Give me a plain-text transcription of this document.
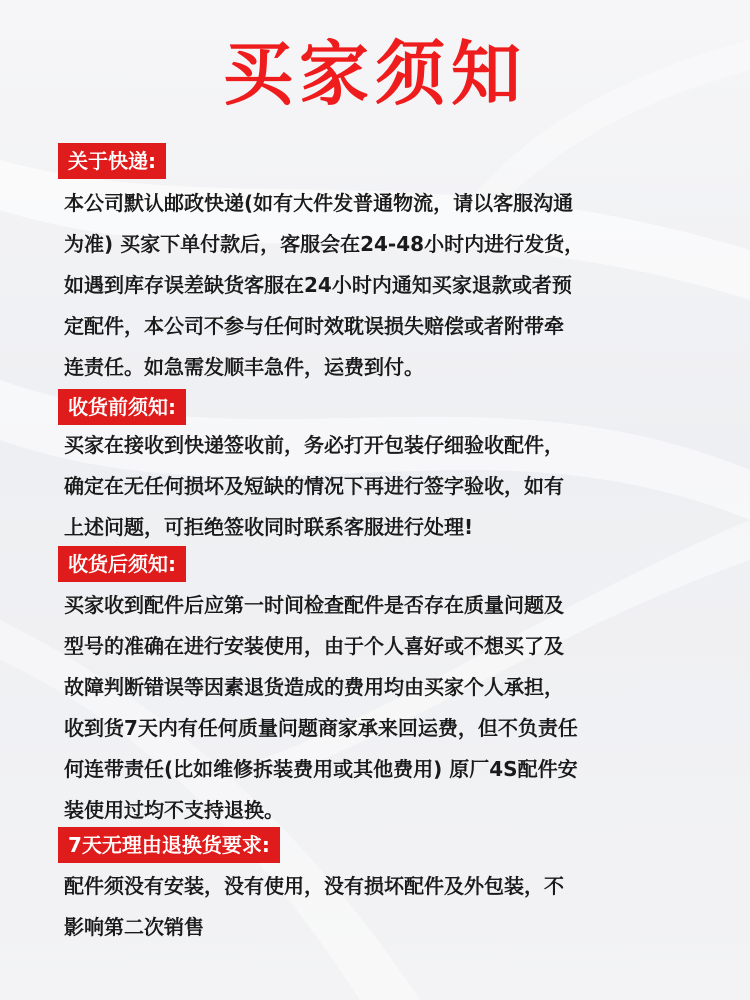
买家须知
关于快递:
本公司默认邮政快递(如有大件发普通物流，请以客服沟通
为准) 买家下单付款后，客服会在24-48小时内进行发货，
如遇到库存误差缺货客服在24小时内通知买家退款或者预
定配件，本公司不参与任何时效耽误损失赔偿或者附带牵
连责任。如急需发顺丰急件，运费到付。
收货前须知:
买家在接收到快递签收前，务必打开包装仔细验收配件，
确定在无任何损坏及短缺的情况下再进行签字验收，如有
上述问题，可拒绝签收同时联系客服进行处理!
收货后须知:
买家收到配件后应第一时间检查配件是否存在质量问题及
型号的准确在进行安装使用，由于个人喜好或不想买了及
故障判断错误等因素退货造成的费用均由买家个人承担，
收到货7天内有任何质量问题商家承来回运费，但不负责任
何连带责任(比如维修拆装费用或其他费用) 原厂4S配件安
装使用过均不支持退换。
7天无理由退换货要求:
配件须没有安装，没有使用，没有损坏配件及外包装，不
影响第二次销售
